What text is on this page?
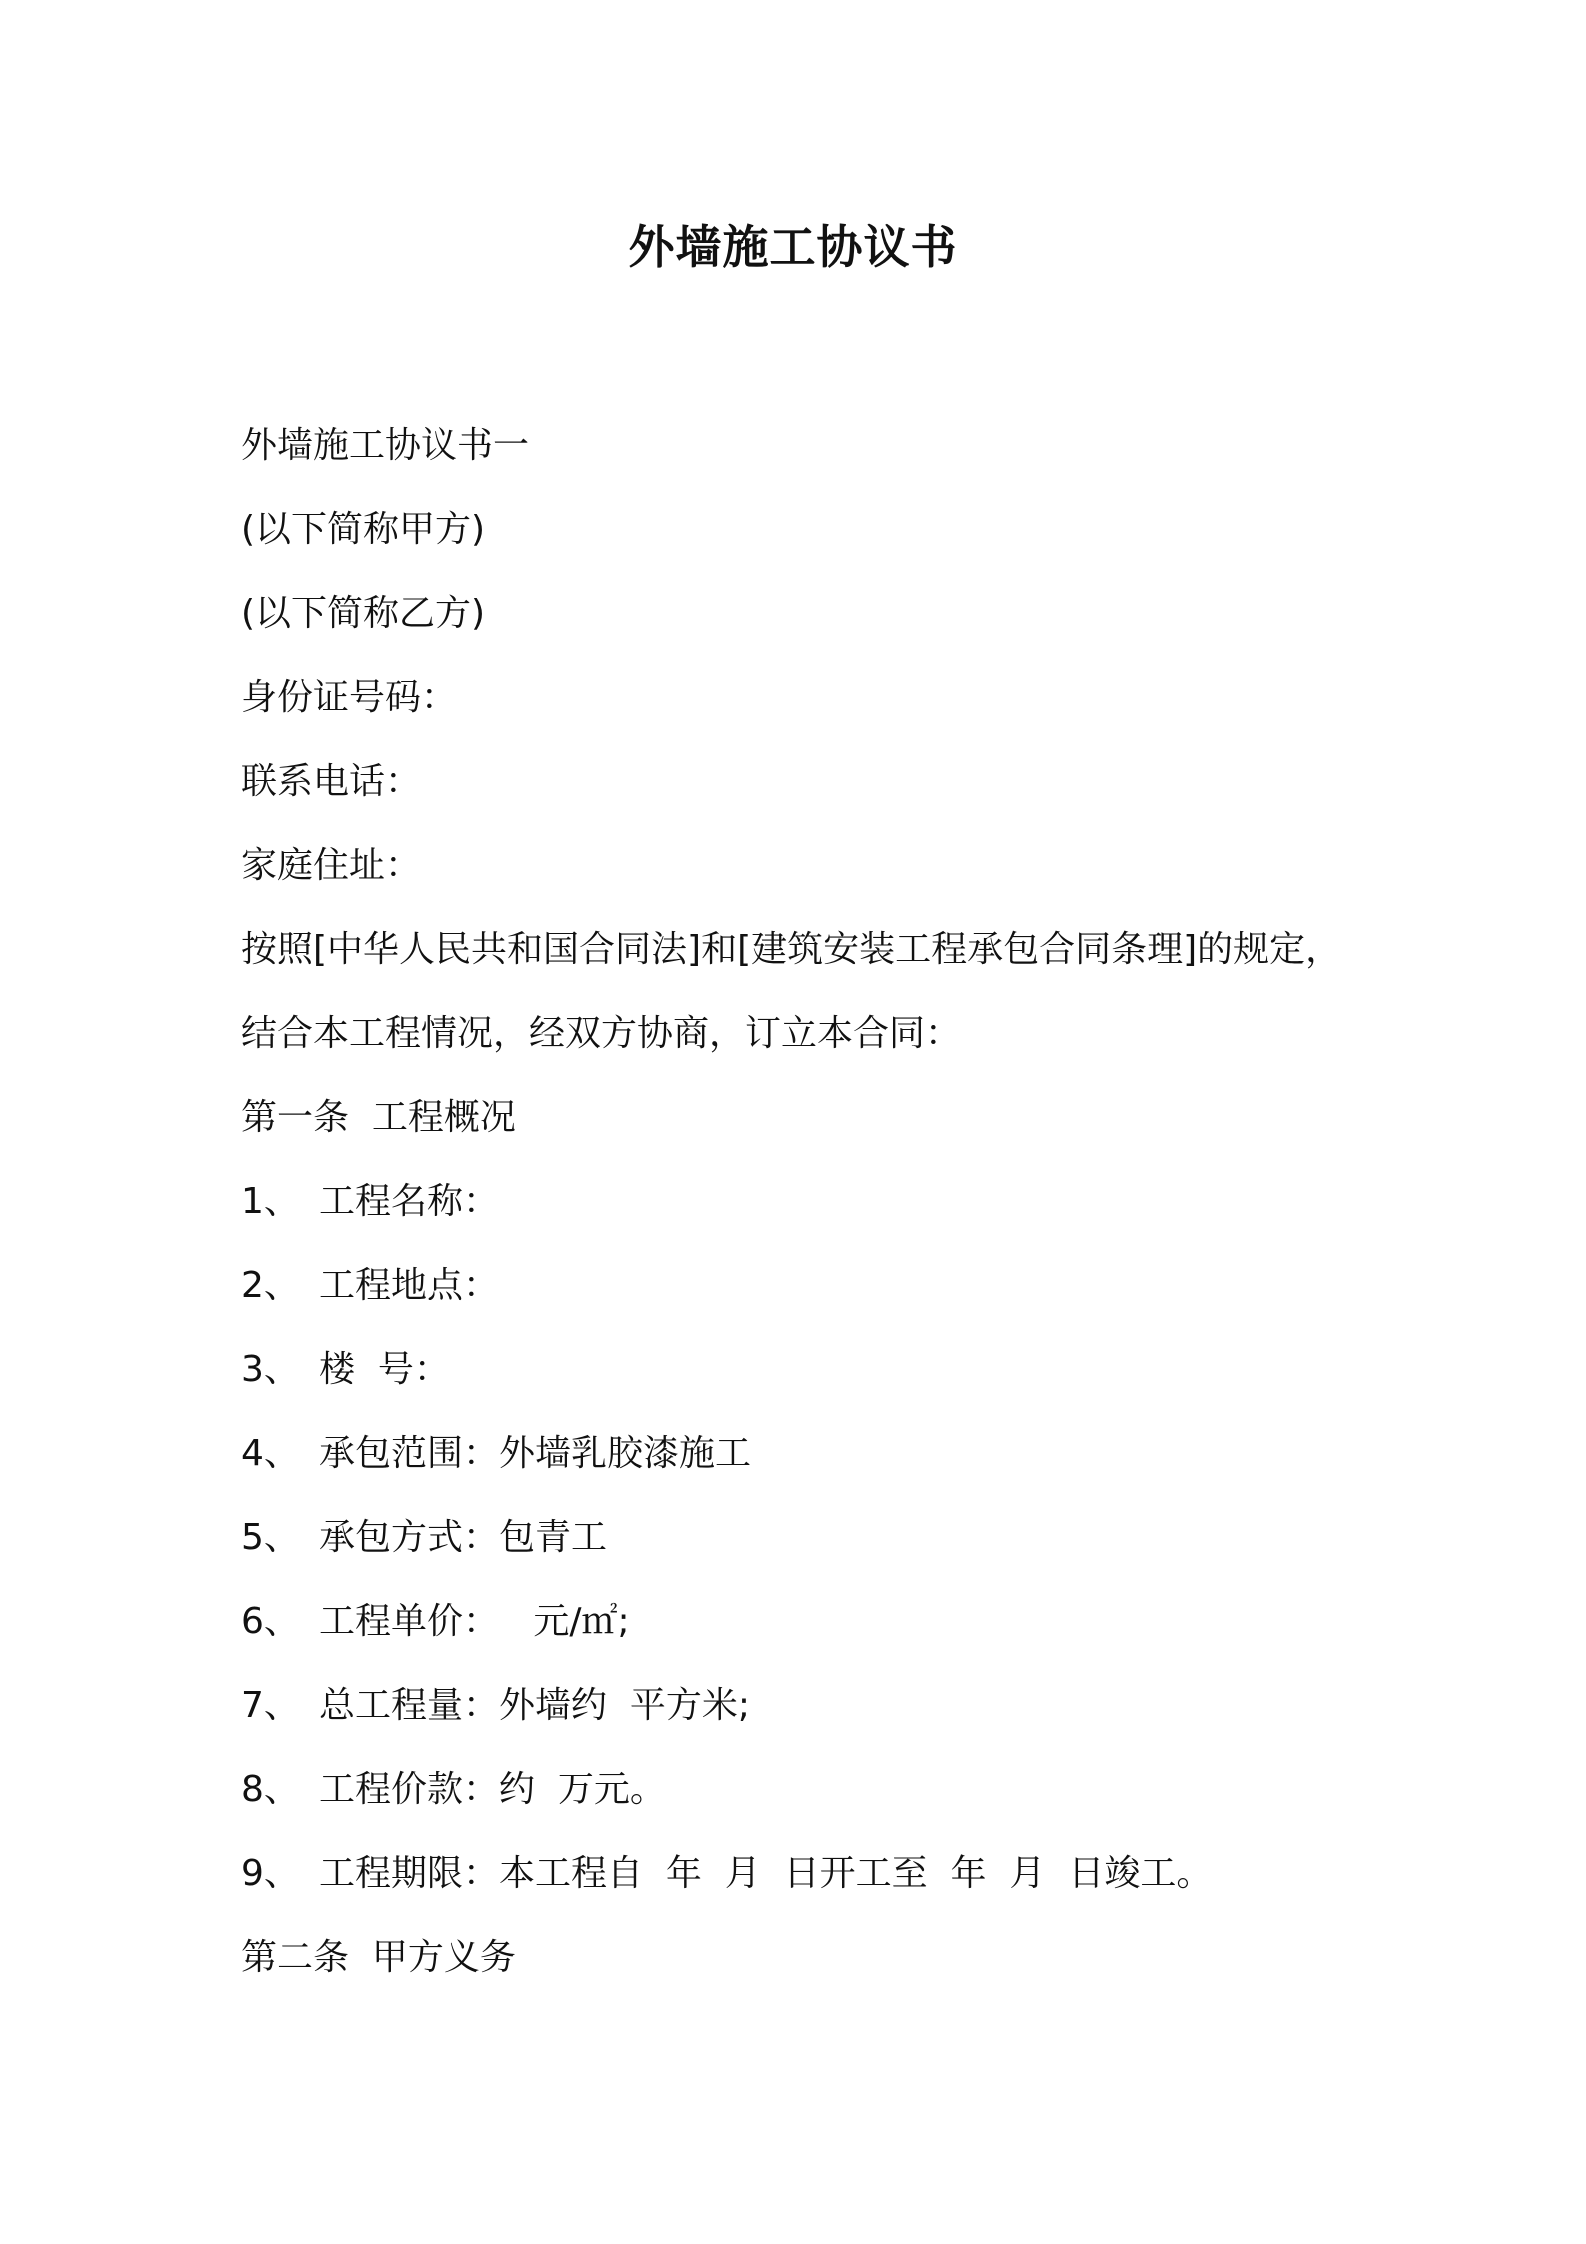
外墙施工协议书
外墙施工协议书一
(以下简称甲方)
(以下简称乙方)
身份证号码：
联系电话：
家庭住址：
按照[中华人民共和国合同法]和[建筑安装工程承包合同条理]的规定，
结合本工程情况，经双方协商，订立本合同：
第一条  工程概况
1、 工程名称：
2、 工程地点：
3、 楼  号：
4、 承包范围：外墙乳胶漆施工
5、 承包方式：包青工
6、 工程单价：   元/㎡;
7、 总工程量：外墙约  平方米;
8、 工程价款：约  万元。
9、 工程期限：本工程自  年  月  日开工至  年  月  日竣工。
第二条  甲方义务
